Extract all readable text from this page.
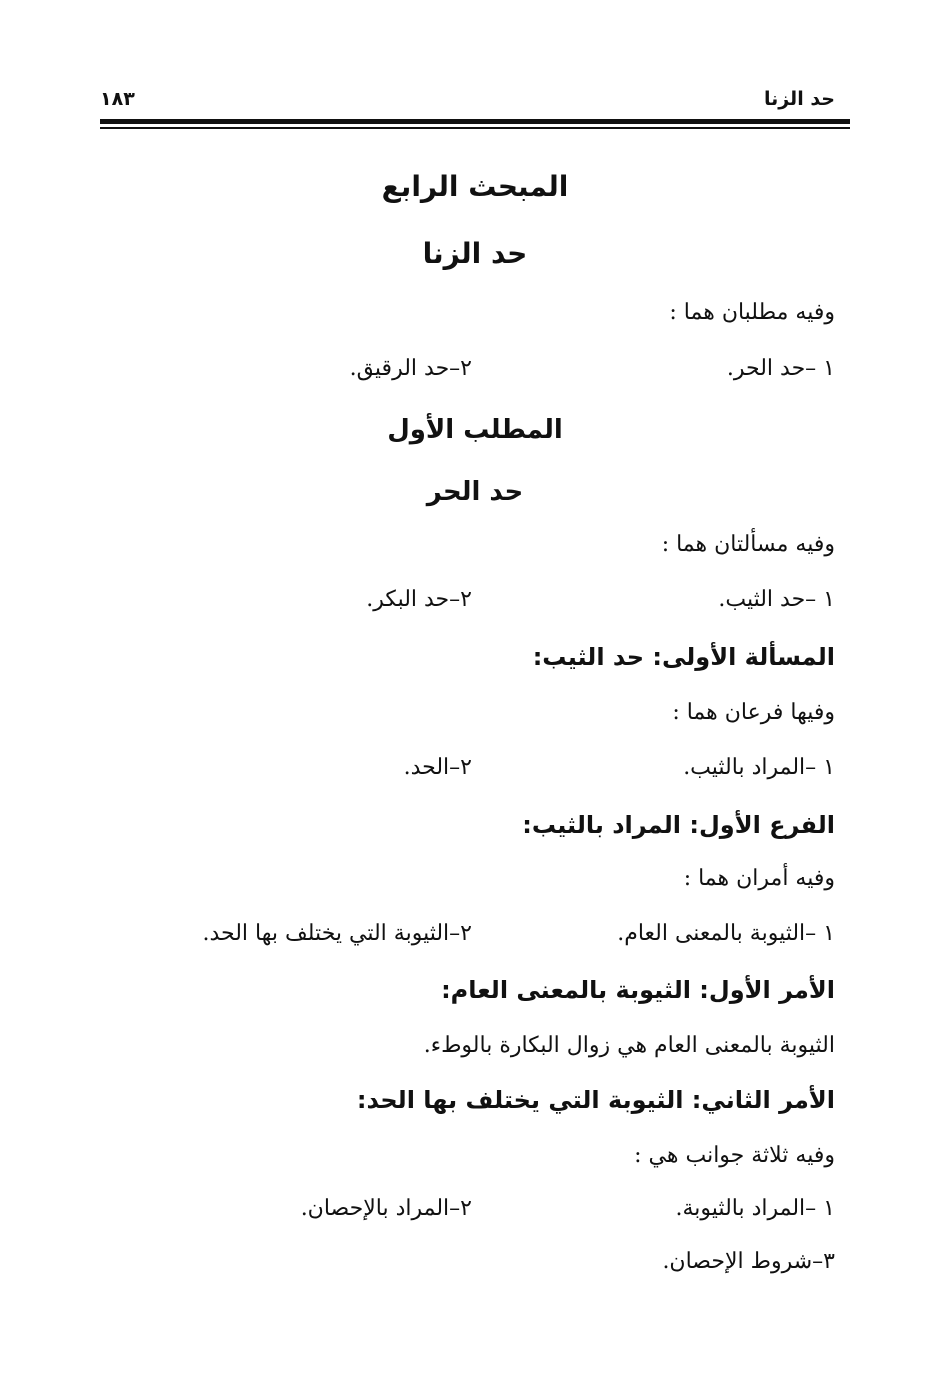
حد الزنا
١٨٣
المبحث الرابع
حد الزنا
وفيه مطلبان هما :
١ –حد الحر.
٢–حد الرقيق.
المطلب الأول
حد الحر
وفيه مسألتان هما :
١ –حد الثيب.
٢–حد البكر.
المسألة الأولى: حد الثيب:
وفيها فرعان هما :
١ –المراد بالثيب.
٢–الحد.
الفرع الأول: المراد بالثيب:
وفيه أمران هما :
١ –الثيوبة بالمعنى العام.
٢–الثيوبة التي يختلف بها الحد.
الأمر الأول: الثيوبة بالمعنى العام:
الثيوبة بالمعنى العام هي زوال البكارة بالوطء.
الأمر الثاني: الثيوبة التي يختلف بها الحد:
وفيه ثلاثة جوانب هي :
١ –المراد بالثيوبة.
٢–المراد بالإحصان.
٣–شروط الإحصان.
